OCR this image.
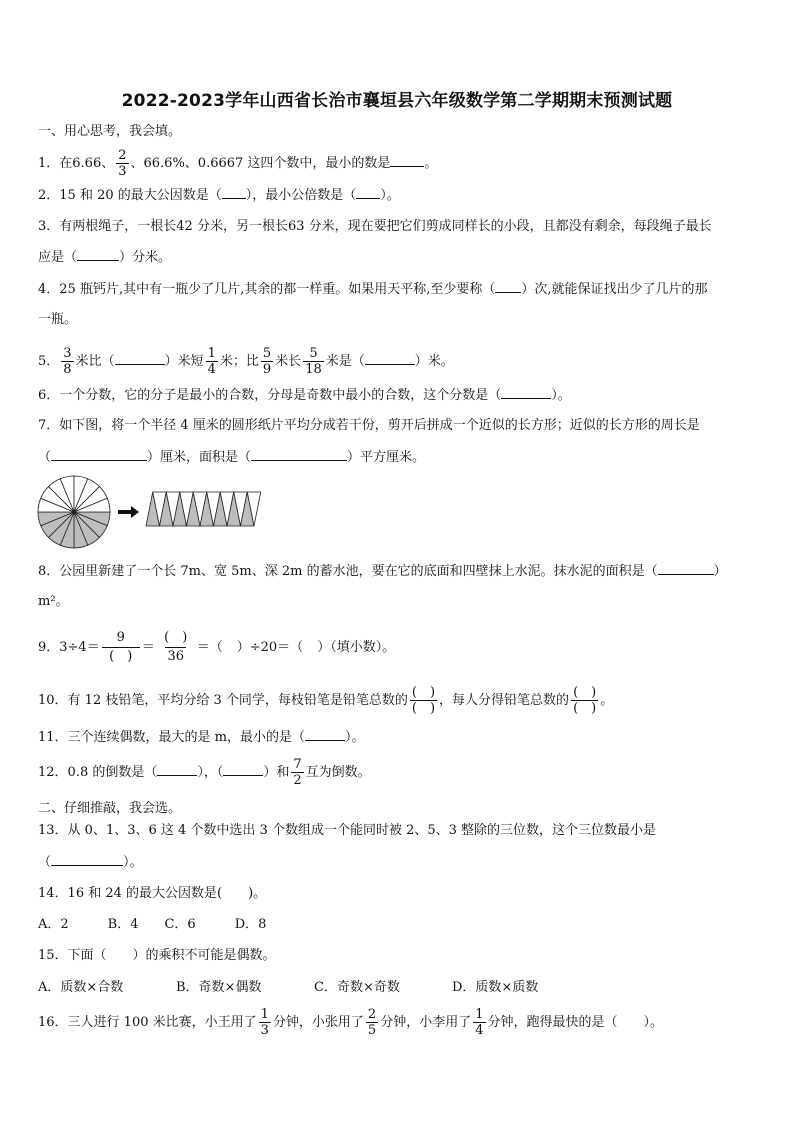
2022-2023学年山西省长治市襄垣县六年级数学第二学期期末预测试题
一、用心思考，我会填。
1．在6.66、 $\frac{2}{3}$ 、66.6%、0.6667 这四个数中，最小的数是	。
2．15 和 20 的最大公因数是（ ），最小公倍数是（ ）。
3．有两根绳子，一根长42 分米，另一根长63 分米，现在要把它们剪成同样长的小段，且都没有剩余，每段绳子最长
应是（	）分米。
4．25 瓶钙片,其中有一瓶少了几片,其余的都一样重。如果用天平称,至少要称（ ）次,就能保证找出少了几片的那
一瓶。
5． $\frac{3}{8}$ 米比（	）米短 $\frac{1}{4}$ 米；比 $\frac{5}{9}$ 米长 $\frac{5}{18}$ 米是（	）米。
6．一个分数，它的分子是最小的合数，分母是奇数中最小的合数，这个分数是（	）。
7．如下图，将一个半径 4 厘米的圆形纸片平均分成若干份，剪开后拼成一个近似的长方形；近似的长方形的周长是
（	）厘米，面积是（	）平方厘米。
8．公园里新建了一个长 7m、宽 5m、深 2m 的蓄水池，要在它的底面和四壁抹上水泥。抹水泥的面积是（	）
m²。
9．$3\div 4= \frac{9}{( )} = \frac{( )}{36}$ ＝（ ）÷20＝（ ）（填小数）。
10．有 12 枝铅笔，平均分给 3 个同学，每枝铅笔是铅笔总数的 $\frac{( )}{( )}$ ，每人分得铅笔总数的 $\frac{( )}{( )}$ 。
11．三个连续偶数，最大的是 m，最小的是（	）。
12．0.8 的倒数是（	），（	）和 $\frac{7}{2}$ 互为倒数。
二、仔细推敲，我会选。
13．从 0、1、3、6 这 4 个数中选出 3 个数组成一个能同时被 2、5、3 整除的三位数，这个三位数最小是
（	）。
14．16 和 24 的最大公因数是(　　)。
A．2　　　B．4　　C．6　　　D．8
15．下面（　　）的乘积不可能是偶数。
A．质数×合数	B．奇数×偶数	C．奇数×奇数	D．质数×质数
16．三人进行 100 米比赛，小王用了 $\frac{1}{3}$ 分钟，小张用了 $\frac{2}{5}$ 分钟，小李用了 $\frac{1}{4}$ 分钟，跑得最快的是（　　）。
